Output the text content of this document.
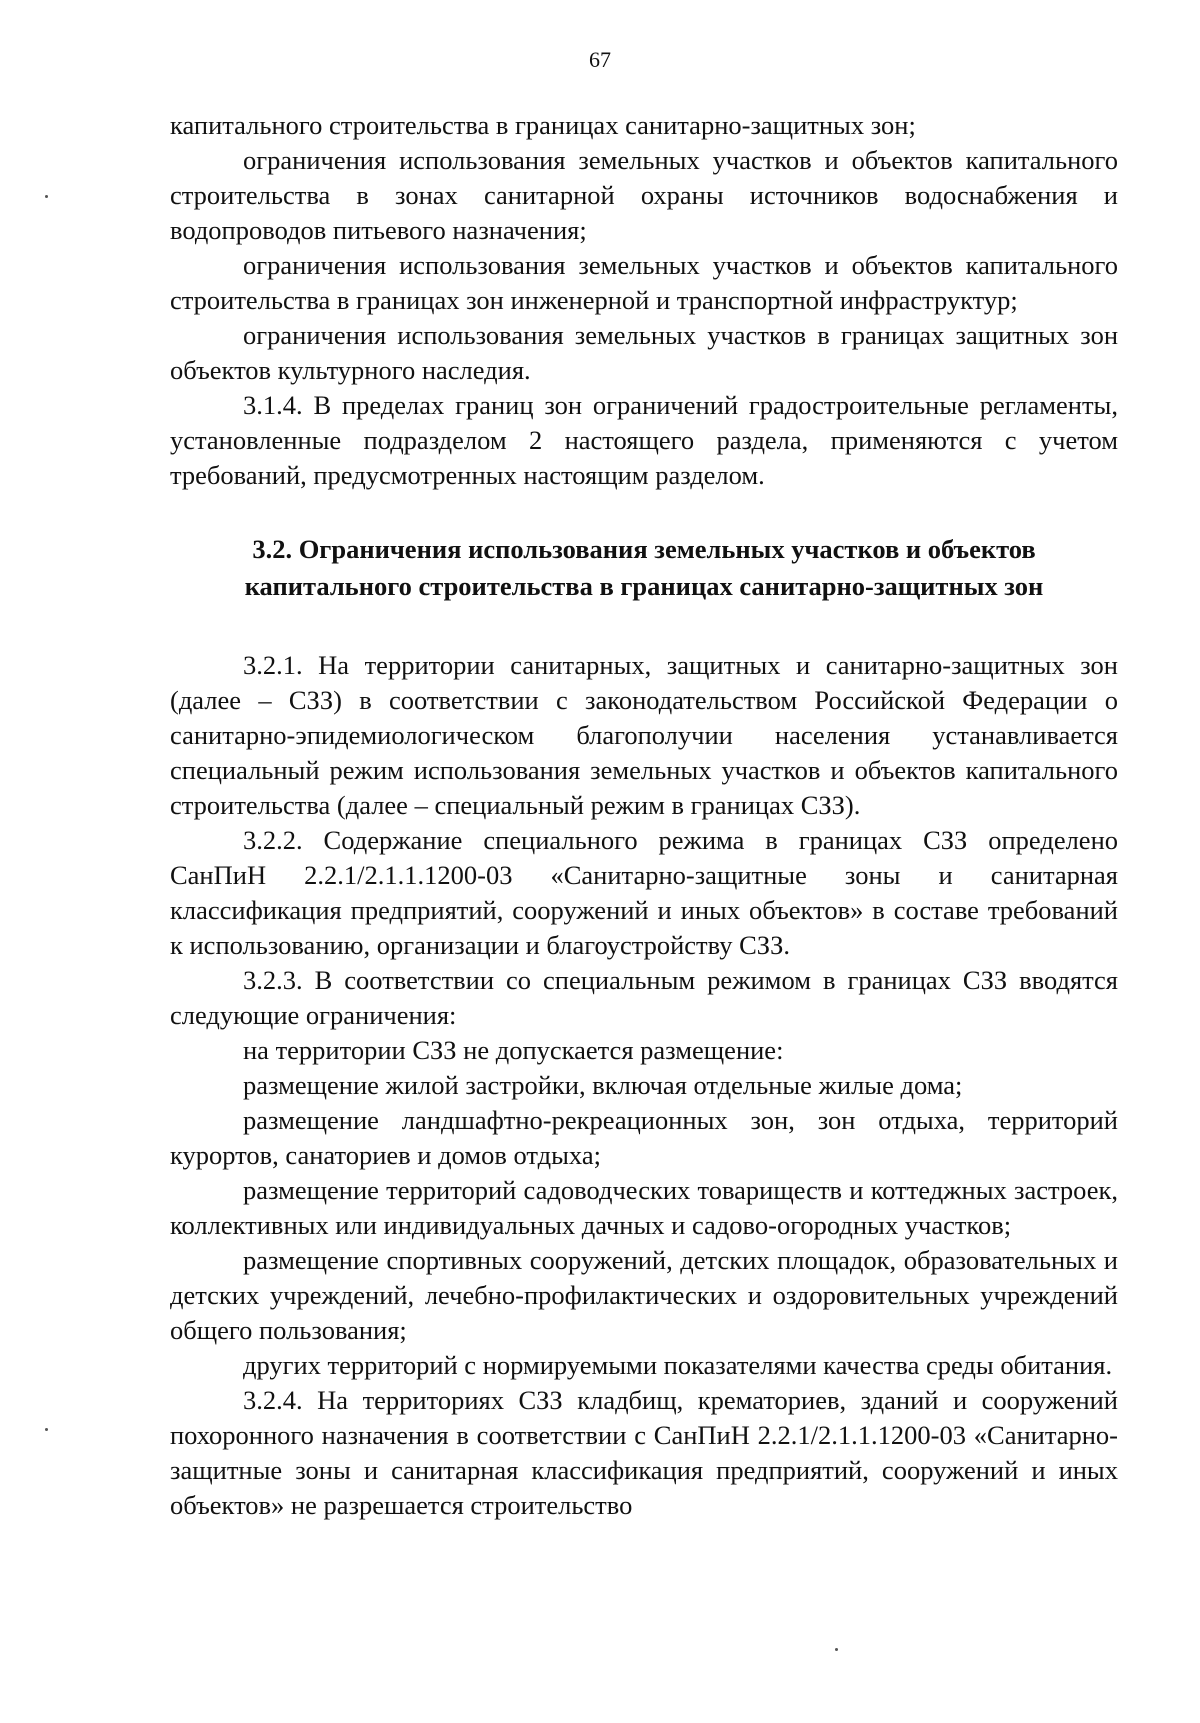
67

капитального строительства в границах санитарно-защитных зон;

ограничения использования земельных участков и объектов капитального строительства в зонах санитарной охраны источников водоснабжения и водопроводов питьевого назначения;

ограничения использования земельных участков и объектов капитального строительства в границах зон инженерной и транспортной инфраструктур;

ограничения использования земельных участков в границах защитных зон объектов культурного наследия.

3.1.4. В пределах границ зон ограничений градостроительные регламенты, установленные подразделом 2 настоящего раздела, применяются с учетом требований, предусмотренных настоящим разделом.

3.2. Ограничения использования земельных участков и объектов
капитального строительства в границах санитарно-защитных зон

3.2.1. На территории санитарных, защитных и санитарно-защитных зон (далее – СЗЗ) в соответствии с законодательством Российской Федерации о санитарно-эпидемиологическом благополучии населения устанавливается специальный режим использования земельных участков и объектов капитального строительства (далее – специальный режим в границах СЗЗ).

3.2.2. Содержание специального режима в границах СЗЗ определено СанПиН 2.2.1/2.1.1.1200-03 «Санитарно-защитные зоны и санитарная классификация предприятий, сооружений и иных объектов» в составе требований к использованию, организации и благоустройству СЗЗ.

3.2.3. В соответствии со специальным режимом в границах СЗЗ вводятся следующие ограничения:

на территории СЗЗ не допускается размещение:

размещение жилой застройки, включая отдельные жилые дома;

размещение ландшафтно-рекреационных зон, зон отдыха, территорий курортов, санаториев и домов отдыха;

размещение территорий садоводческих товариществ и коттеджных застроек, коллективных или индивидуальных дачных и садово-огородных участков;

размещение спортивных сооружений, детских площадок, образовательных и детских учреждений, лечебно-профилактических и оздоровительных учреждений общего пользования;

других территорий с нормируемыми показателями качества среды обитания.

3.2.4. На территориях СЗЗ кладбищ, крематориев, зданий и сооружений похоронного назначения в соответствии с СанПиН 2.2.1/2.1.1.1200-03 «Санитарно-защитные зоны и санитарная классификация предприятий, сооружений и иных объектов» не разрешается строительство
